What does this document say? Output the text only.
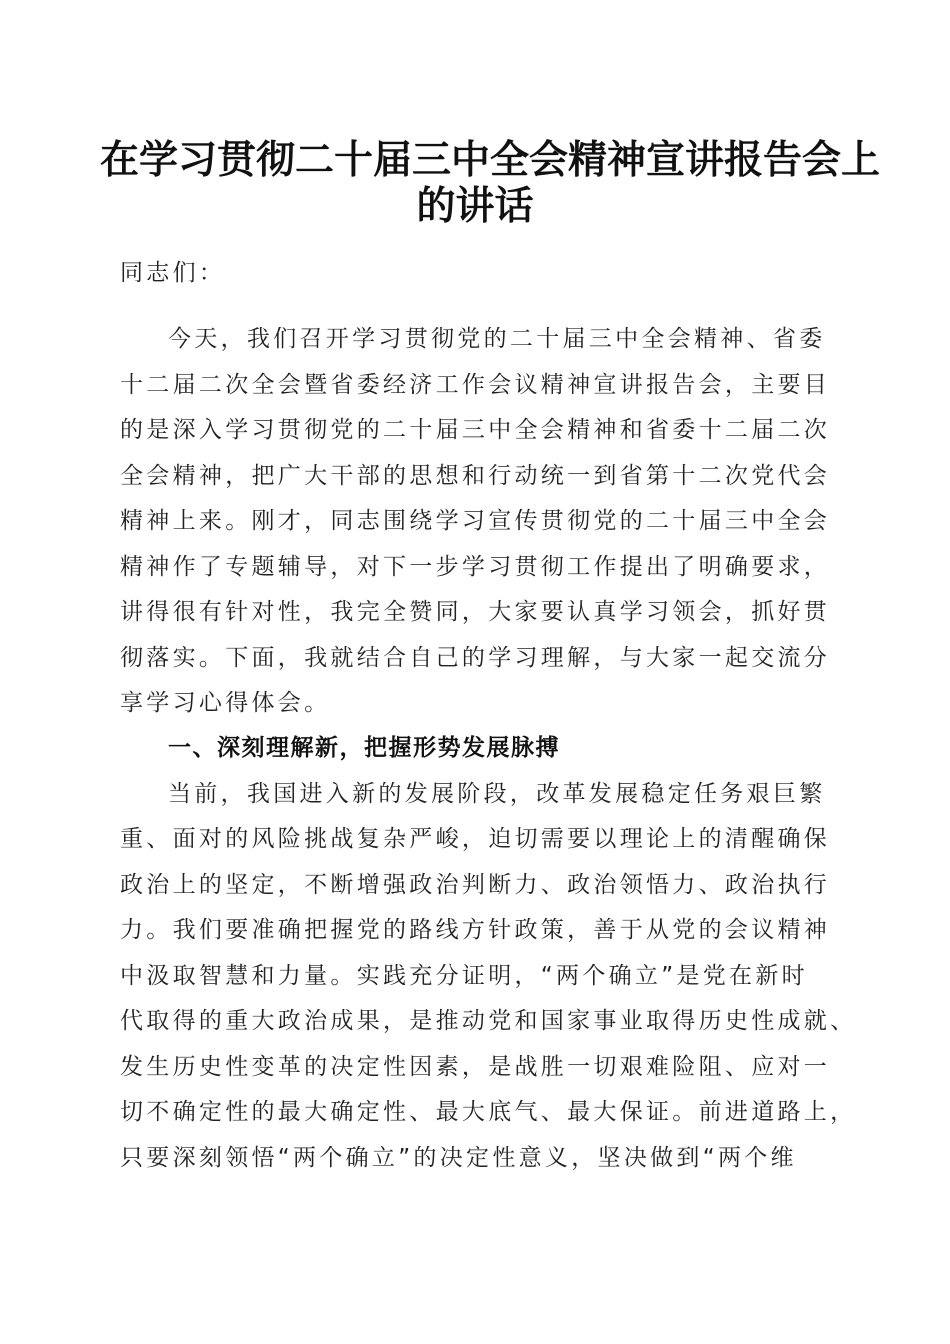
在学习贯彻二十届三中全会精神宣讲报告会上
的讲话
同志们：
今天，我们召开学习贯彻党的二十届三中全会精神、省委
十二届二次全会暨省委经济工作会议精神宣讲报告会，主要目
的是深入学习贯彻党的二十届三中全会精神和省委十二届二次
全会精神，把广大干部的思想和行动统一到省第十二次党代会
精神上来。刚才，同志围绕学习宣传贯彻党的二十届三中全会
精神作了专题辅导，对下一步学习贯彻工作提出了明确要求，
讲得很有针对性，我完全赞同，大家要认真学习领会，抓好贯
彻落实。下面，我就结合自己的学习理解，与大家一起交流分
享学习心得体会。
一、深刻理解新，把握形势发展脉搏
当前，我国进入新的发展阶段，改革发展稳定任务艰巨繁
重、面对的风险挑战复杂严峻，迫切需要以理论上的清醒确保
政治上的坚定，不断增强政治判断力、政治领悟力、政治执行
力。我们要准确把握党的路线方针政策，善于从党的会议精神
中汲取智慧和力量。实践充分证明，“两个确立”是党在新时
代取得的重大政治成果，是推动党和国家事业取得历史性成就、
发生历史性变革的决定性因素，是战胜一切艰难险阻、应对一
切不确定性的最大确定性、最大底气、最大保证。前进道路上，
只要深刻领悟“两个确立”的决定性意义，坚决做到“两个维
